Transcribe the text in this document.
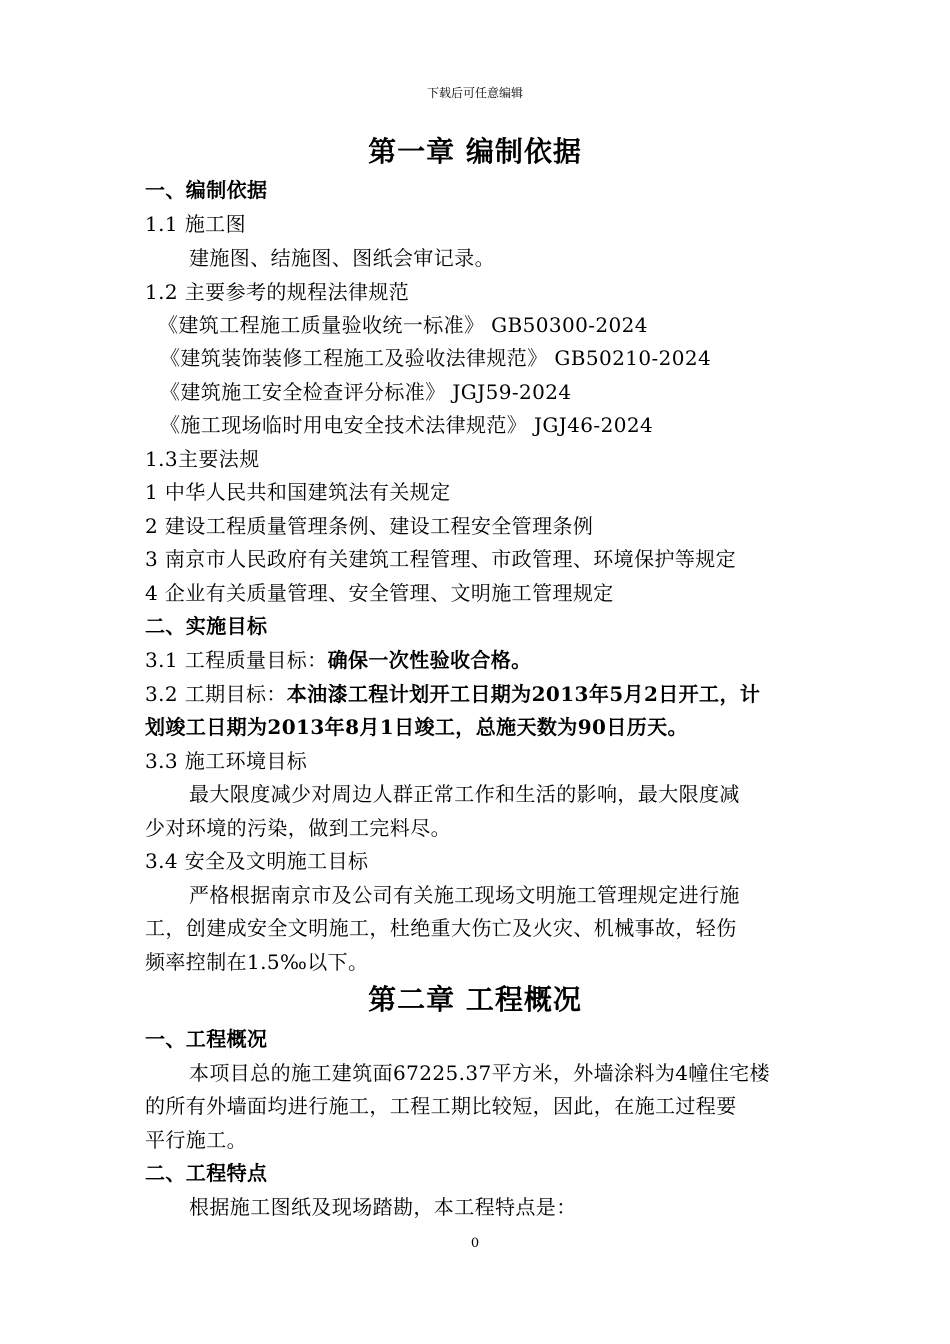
下载后可任意编辑
第一章 编制依据
一、编制依据
1.1 施工图
建施图、结施图、图纸会审记录。
1.2 主要参考的规程法律规范
《建筑工程施工质量验收统一标准》 GB50300-2024
《建筑装饰装修工程施工及验收法律规范》 GB50210-2024
《建筑施工安全检查评分标准》 JGJ59-2024
《施工现场临时用电安全技术法律规范》 JGJ46-2024
1.3主要法规
1 中华人民共和国建筑法有关规定
2 建设工程质量管理条例、建设工程安全管理条例
3 南京市人民政府有关建筑工程管理、市政管理、环境保护等规定
4 企业有关质量管理、安全管理、文明施工管理规定
二、实施目标
3.1 工程质量目标：确保一次性验收合格。
3.2 工期目标：本油漆工程计划开工日期为2013年5月2日开工，计
划竣工日期为2013年8月1日竣工，总施天数为90日历天。
3.3 施工环境目标
最大限度减少对周边人群正常工作和生活的影响，最大限度减
少对环境的污染，做到工完料尽。
3.4 安全及文明施工目标
严格根据南京市及公司有关施工现场文明施工管理规定进行施
工，创建成安全文明施工，杜绝重大伤亡及火灾、机械事故，轻伤
频率控制在1.5‰以下。
第二章 工程概况
一、工程概况
本项目总的施工建筑面67225.37平方米，外墙涂料为4幢住宅楼
的所有外墙面均进行施工，工程工期比较短，因此，在施工过程要
平行施工。
二、工程特点
根据施工图纸及现场踏勘，本工程特点是：
0
